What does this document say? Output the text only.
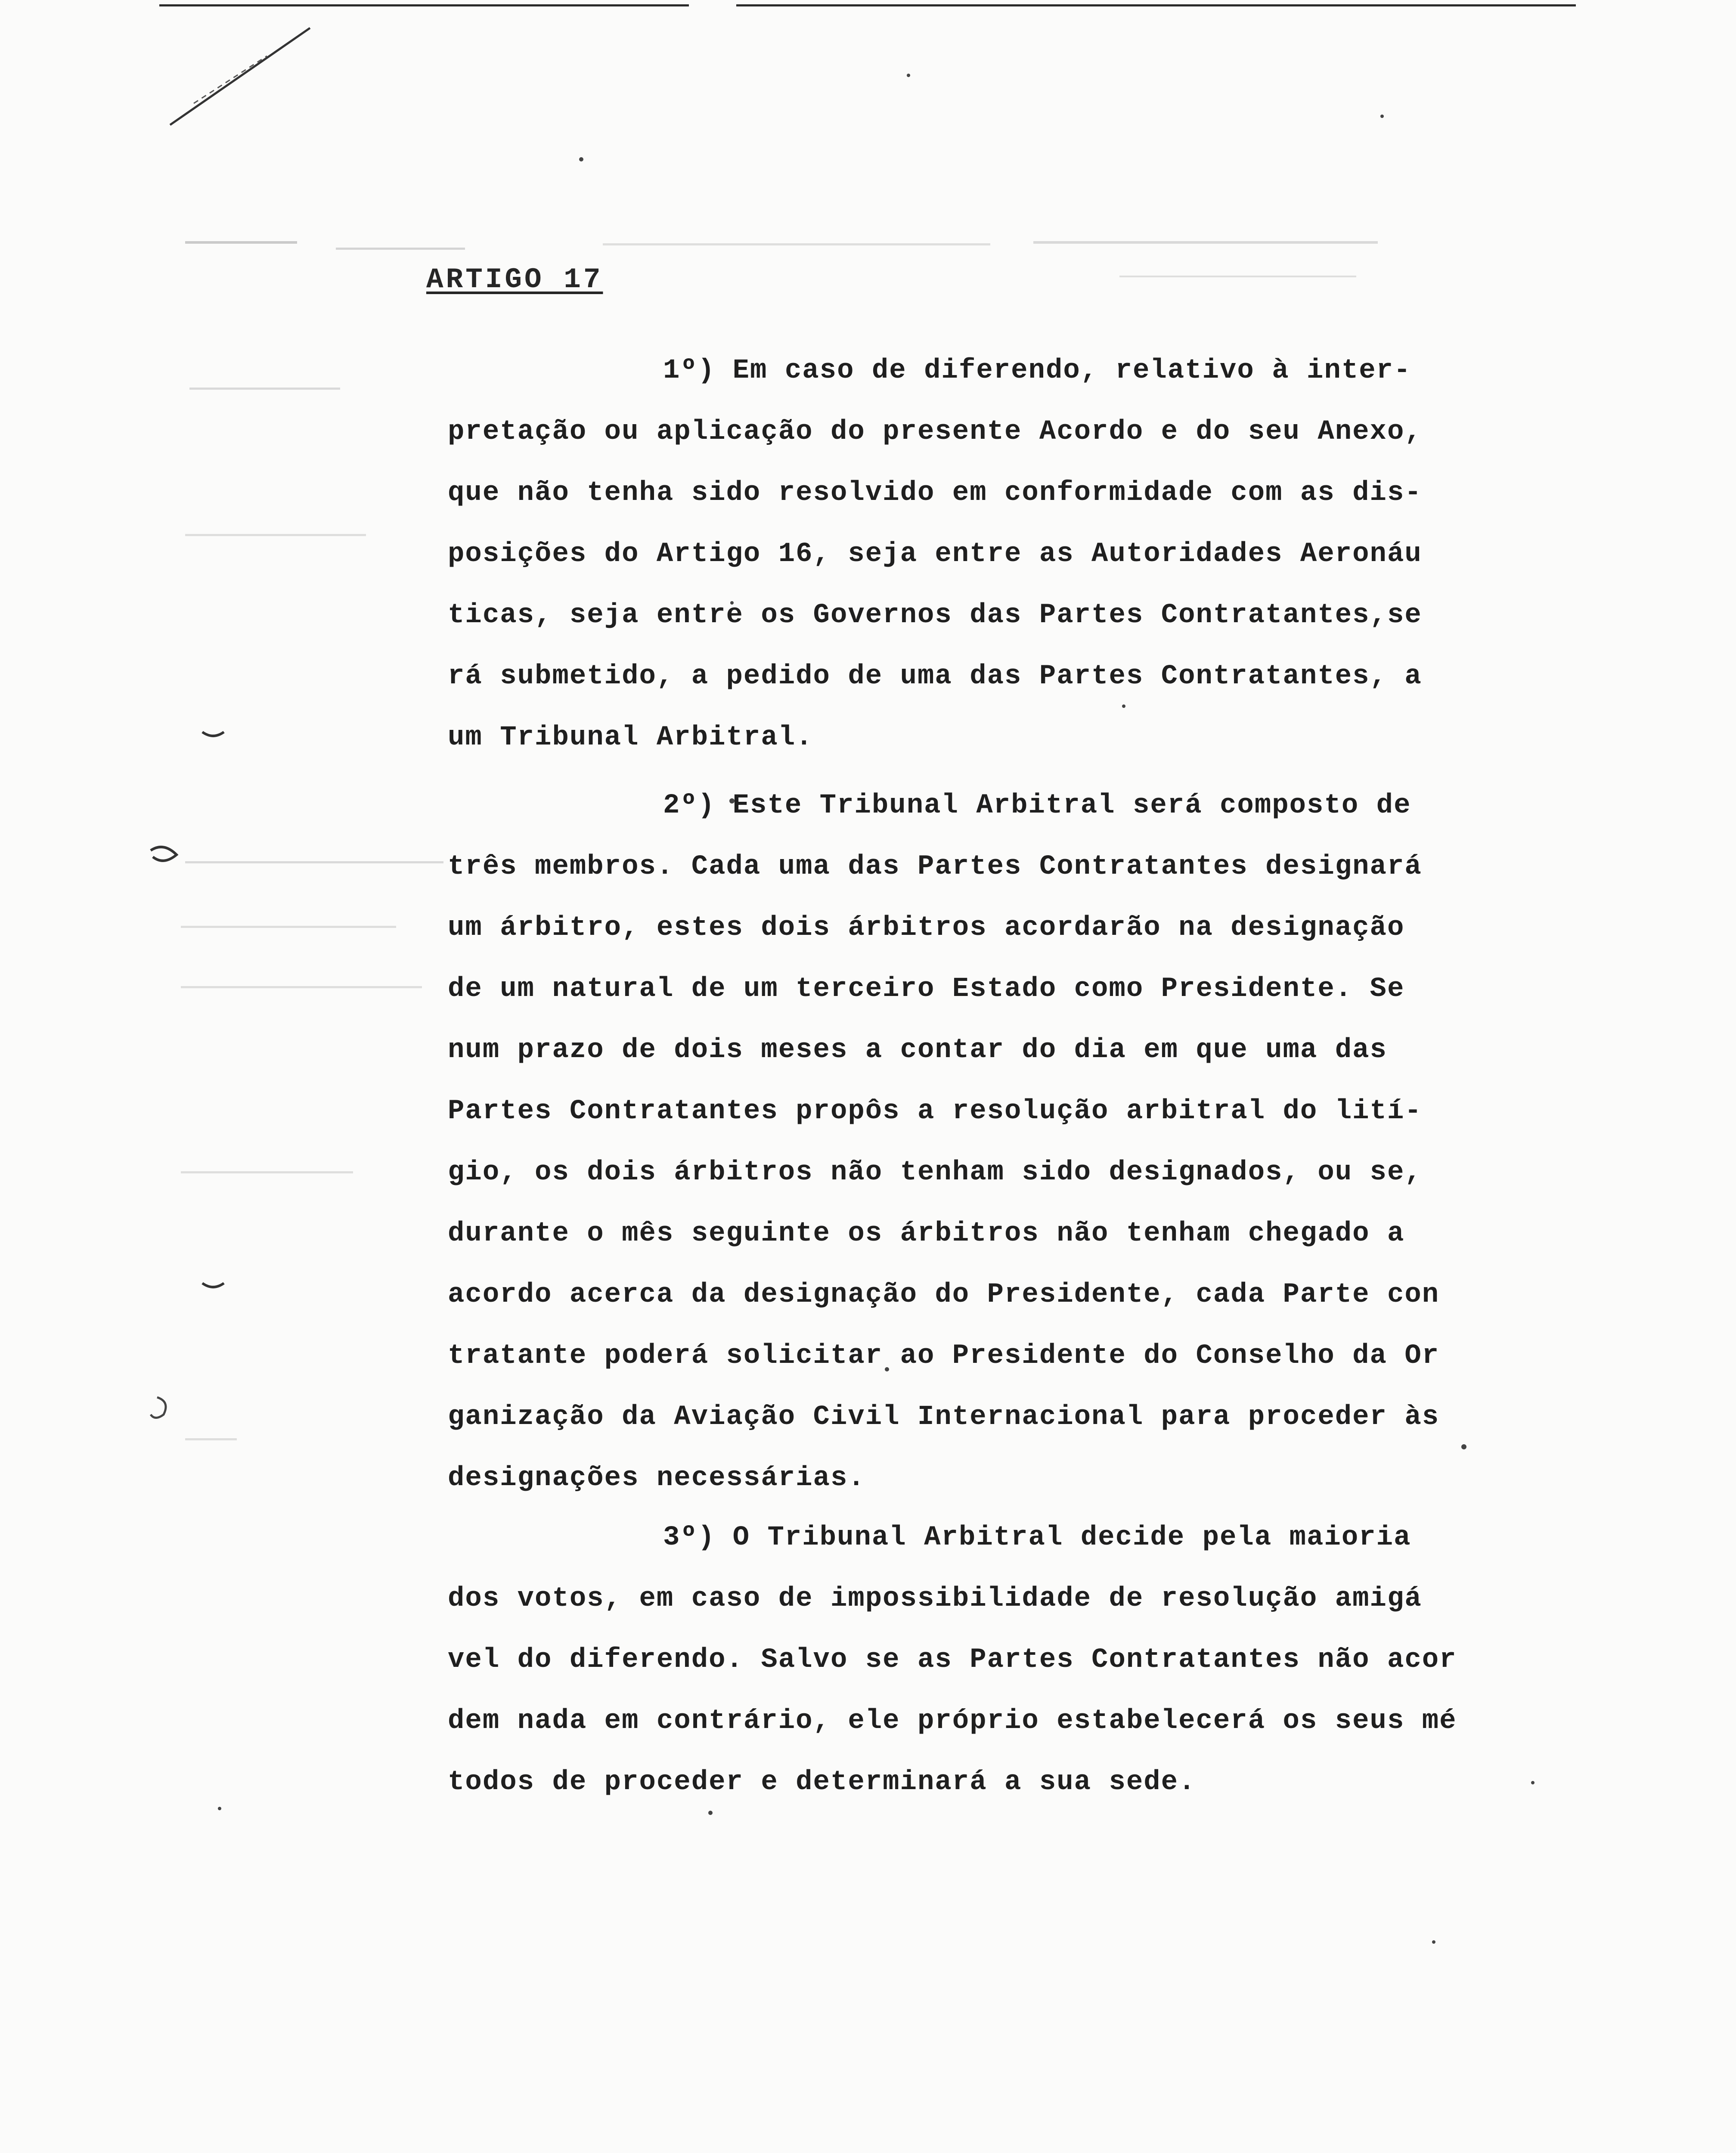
ARTIGO 17
1º) Em caso de diferendo, relativo à inter-
pretação ou aplicação do presente Acordo e do seu Anexo,
que não tenha sido resolvido em conformidade com as dis-
posições do Artigo 16, seja entre as Autoridades Aeronáu
ticas, seja entre os Governos das Partes Contratantes,se
rá submetido, a pedido de uma das Partes Contratantes, a
um Tribunal Arbitral.
2º) Este Tribunal Arbitral será composto de
três membros. Cada uma das Partes Contratantes designará
um árbitro, estes dois árbitros acordarão na designação
de um natural de um terceiro Estado como Presidente. Se
num prazo de dois meses a contar do dia em que uma das
Partes Contratantes propôs a resolução arbitral do lití-
gio, os dois árbitros não tenham sido designados, ou se,
durante o mês seguinte os árbitros não tenham chegado a
acordo acerca da designação do Presidente, cada Parte con
tratante poderá solicitar ao Presidente do Conselho da Or
ganização da Aviação Civil Internacional para proceder às
designações necessárias.
3º) O Tribunal Arbitral decide pela maioria
dos votos, em caso de impossibilidade de resolução amigá
vel do diferendo. Salvo se as Partes Contratantes não acor
dem nada em contrário, ele próprio estabelecerá os seus mé
todos de proceder e determinará a sua sede.
